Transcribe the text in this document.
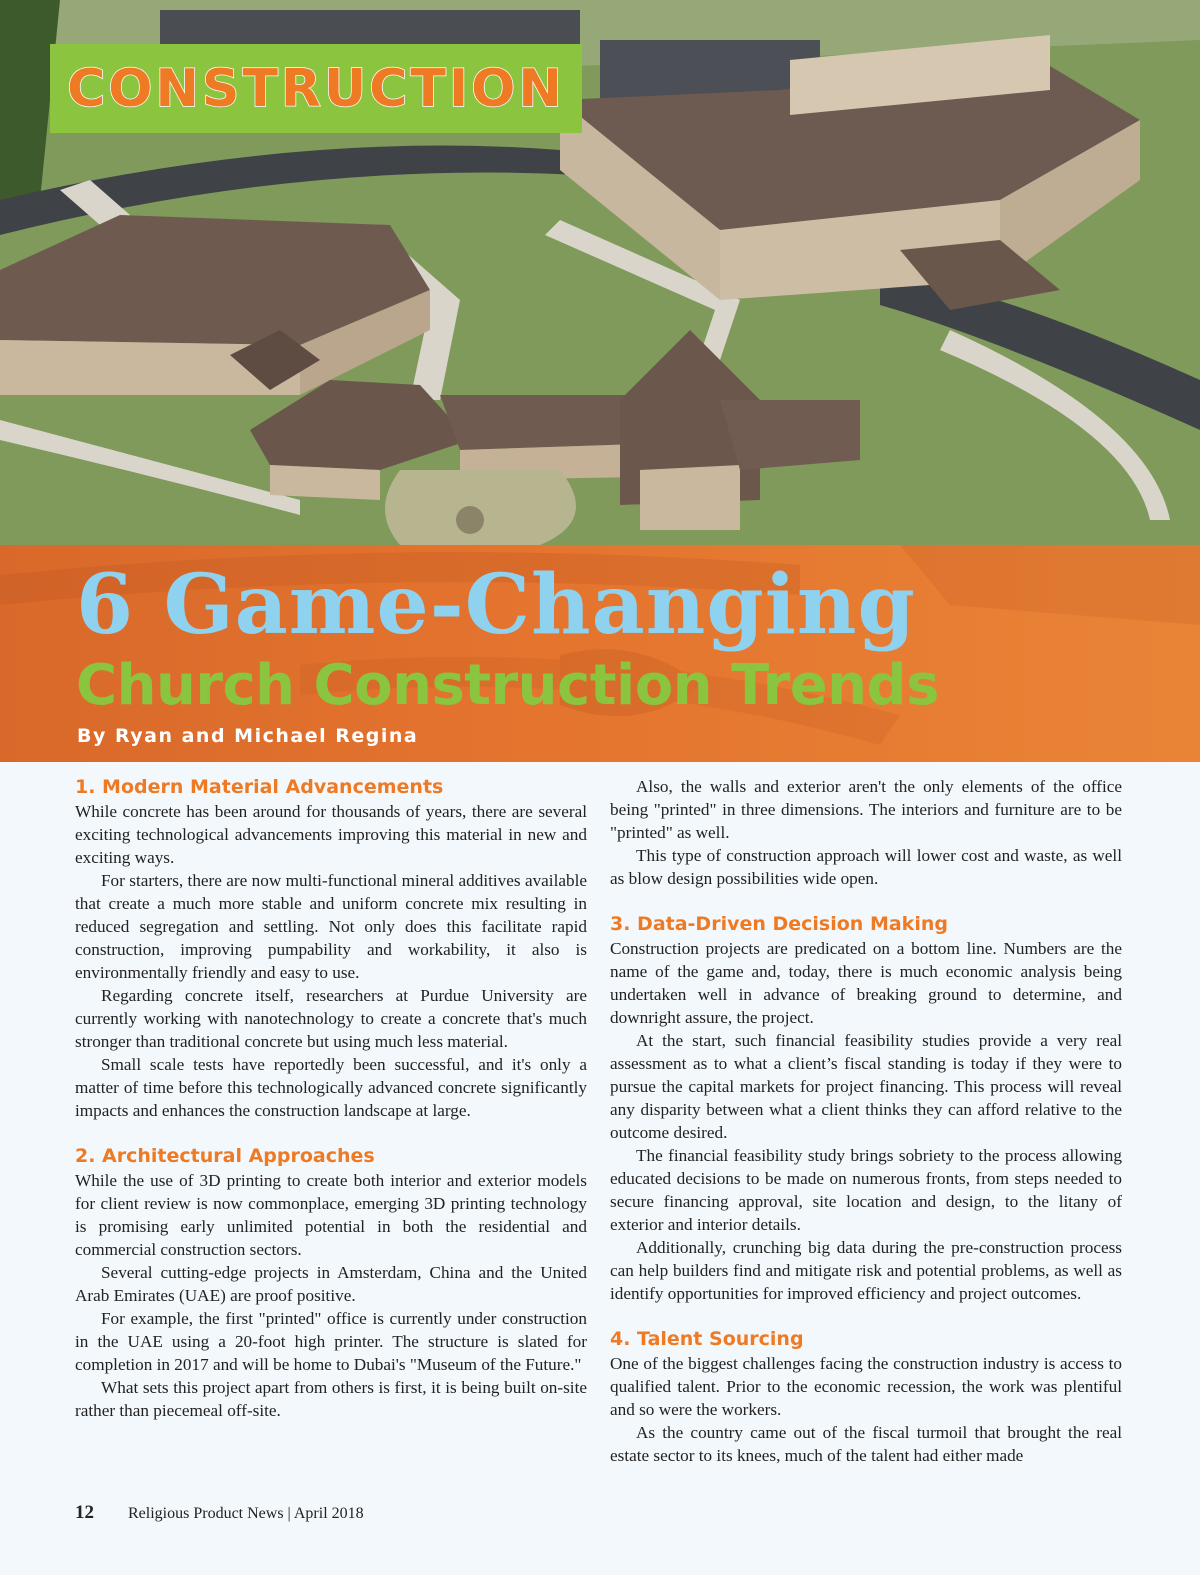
CONSTRUCTION
6 Game-Changing
Church Construction Trends
By Ryan and Michael Regina
1. Modern Material Advancements

While concrete has been around for thousands of years, there are several exciting technological advancements improving this material in new and exciting ways.

For starters, there are now multi-functional mineral additives available that create a much more stable and uniform concrete mix resulting in reduced segregation and settling. Not only does this facilitate rapid construction, improving pumpability and workability, it also is environmentally friendly and easy to use.

Regarding concrete itself, researchers at Purdue University are currently working with nanotechnology to create a concrete that's much stronger than traditional concrete but using much less material.

Small scale tests have reportedly been successful, and it's only a matter of time before this technologically advanced concrete significantly impacts and enhances the construction landscape at large.

2. Architectural Approaches

While the use of 3D printing to create both interior and exterior models for client review is now commonplace, emerging 3D printing technology is promising early unlimited potential in both the residential and commercial construction sectors.

Several cutting-edge projects in Amsterdam, China and the United Arab Emirates (UAE) are proof positive.

For example, the first "printed" office is currently under construction in the UAE using a 20-foot high printer. The structure is slated for completion in 2017 and will be home to Dubai's "Museum of the Future."

What sets this project apart from others is first, it is being built on-site rather than piecemeal off-site.

Also, the walls and exterior aren't the only elements of the office being "printed" in three dimensions. The interiors and furniture are to be "printed" as well.

This type of construction approach will lower cost and waste, as well as blow design possibilities wide open.

3. Data-Driven Decision Making

Construction projects are predicated on a bottom line. Numbers are the name of the game and, today, there is much economic analysis being undertaken well in advance of breaking ground to determine, and downright assure, the project.

At the start, such financial feasibility studies provide a very real assessment as to what a client’s fiscal standing is today if they were to pursue the capital markets for project financing. This process will reveal any disparity between what a client thinks they can afford relative to the outcome desired.

The financial feasibility study brings sobriety to the process allowing educated decisions to be made on numerous fronts, from steps needed to secure financing approval, site location and design, to the litany of exterior and interior details.

Additionally, crunching big data during the pre-construction process can help builders find and mitigate risk and potential problems, as well as identify opportunities for improved efficiency and project outcomes.

4. Talent Sourcing

One of the biggest challenges facing the construction industry is access to qualified talent. Prior to the economic recession, the work was plentiful and so were the workers.

As the country came out of the fiscal turmoil that brought the real estate sector to its knees, much of the talent had either made

12 Religious Product News | April 2018
